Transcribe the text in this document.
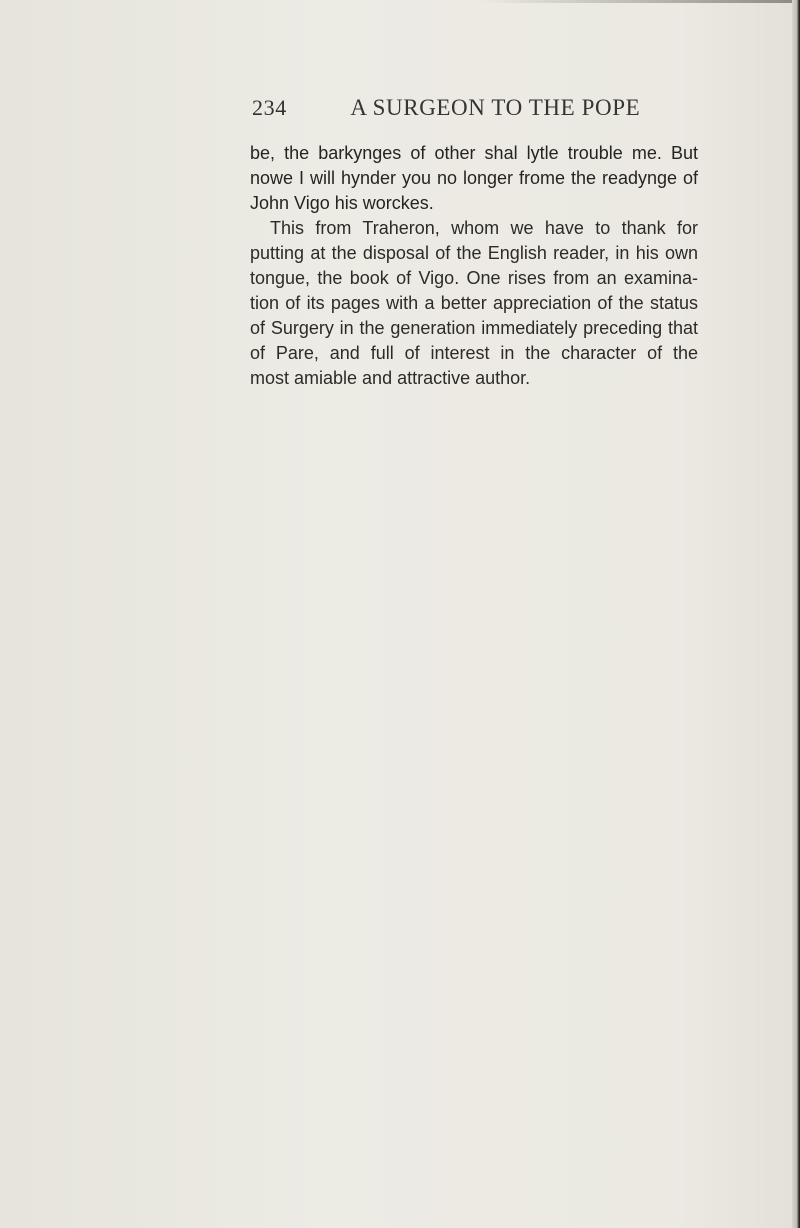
234	A SURGEON TO THE POPE
be, the barkynges of other shal lytle trouble me. But
nowe I will hynder you no longer frome the readynge of
John Vigo his worckes.
This from Traheron, whom we have to thank for
putting at the disposal of the English reader, in his own
tongue, the book of Vigo. One rises from an examina-
tion of its pages with a better appreciation of the status
of Surgery in the generation immediately preceding that
of Pare, and full of interest in the character of the
most amiable and attractive author.
